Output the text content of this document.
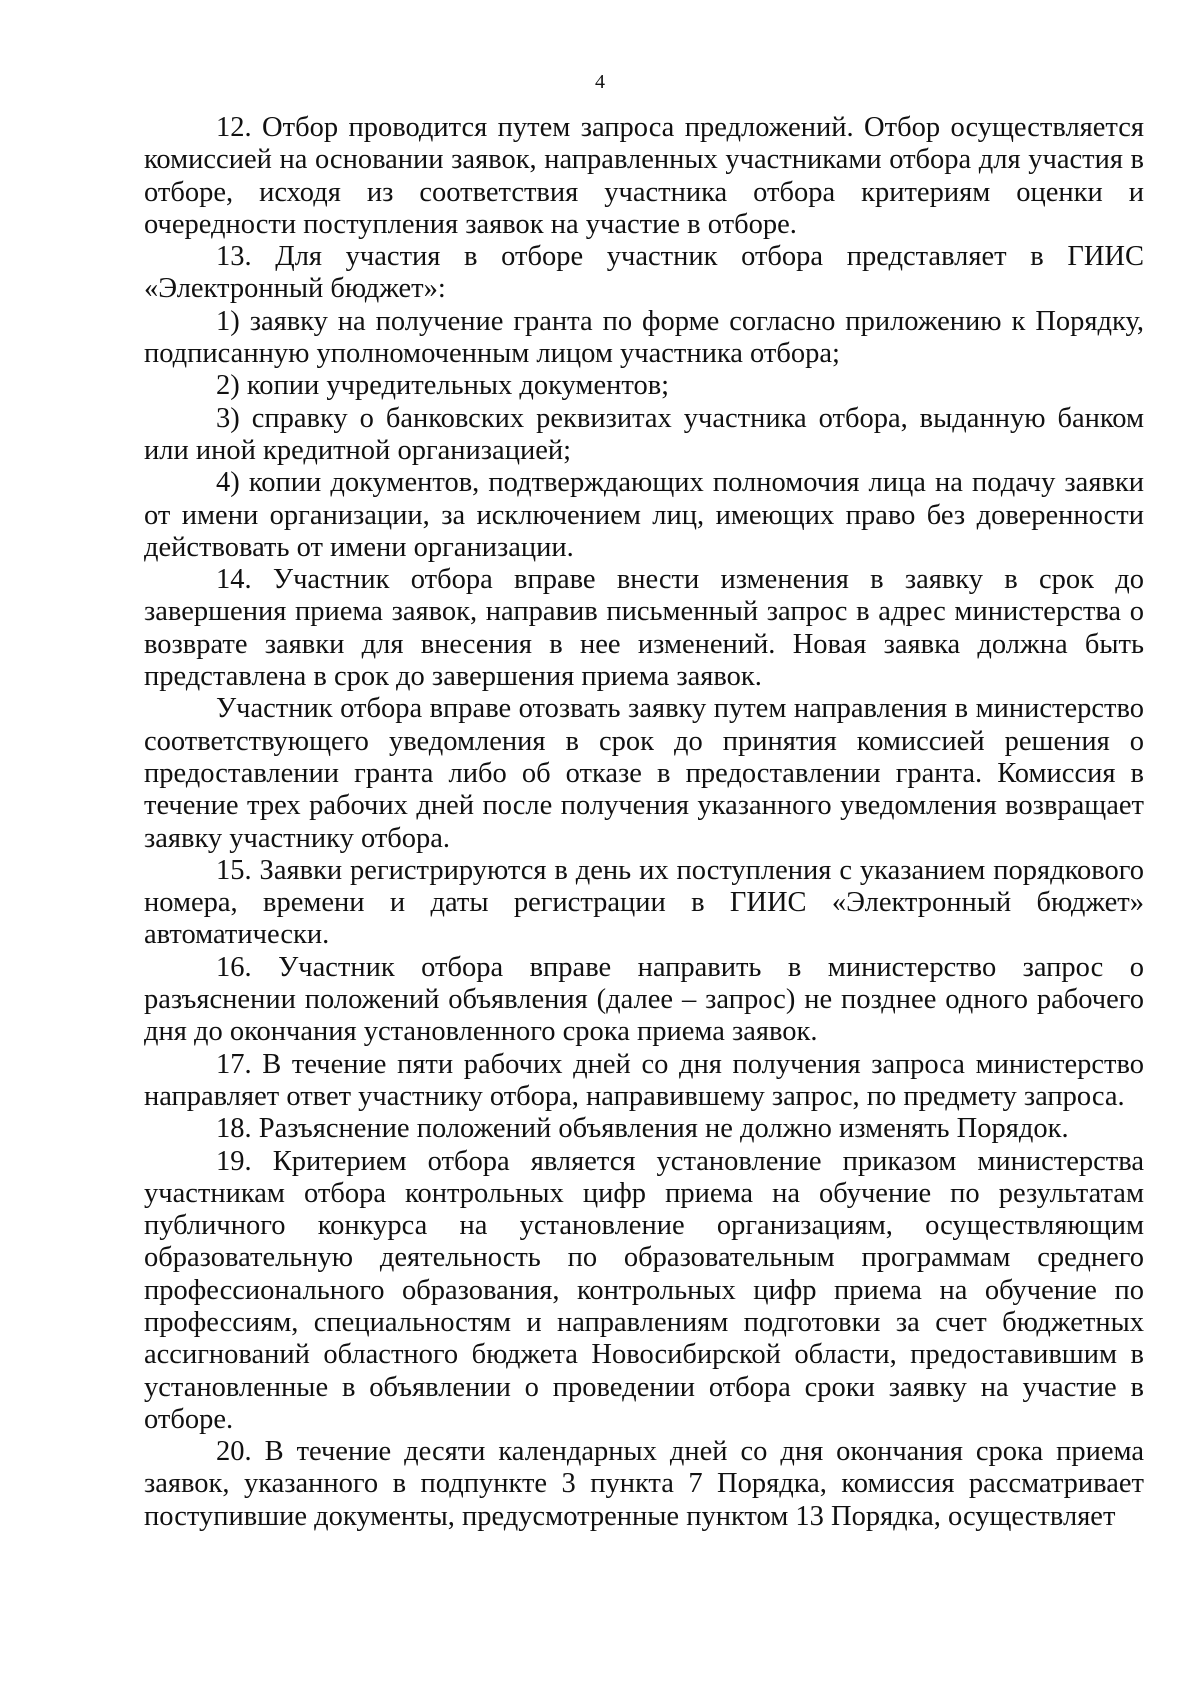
4

12. Отбор проводится путем запроса предложений. Отбор осуществляется комиссией на основании заявок, направленных участниками отбора для участия в отборе, исходя из соответствия участника отбора критериям оценки и очередности поступления заявок на участие в отборе.

13. Для участия в отборе участник отбора представляет в ГИИС «Электронный бюджет»:

1) заявку на получение гранта по форме согласно приложению к Порядку, подписанную уполномоченным лицом участника отбора;

2) копии учредительных документов;

3) справку о банковских реквизитах участника отбора, выданную банком или иной кредитной организацией;

4) копии документов, подтверждающих полномочия лица на подачу заявки от имени организации, за исключением лиц, имеющих право без доверенности действовать от имени организации.

14. Участник отбора вправе внести изменения в заявку в срок до завершения приема заявок, направив письменный запрос в адрес министерства о возврате заявки для внесения в нее изменений. Новая заявка должна быть представлена в срок до завершения приема заявок.

Участник отбора вправе отозвать заявку путем направления в министерство соответствующего уведомления в срок до принятия комиссией решения о предоставлении гранта либо об отказе в предоставлении гранта. Комиссия в течение трех рабочих дней после получения указанного уведомления возвращает заявку участнику отбора.

15. Заявки регистрируются в день их поступления с указанием порядкового номера, времени и даты регистрации в ГИИС «Электронный бюджет» автоматически.

16. Участник отбора вправе направить в министерство запрос о разъяснении положений объявления (далее – запрос) не позднее одного рабочего дня до окончания установленного срока приема заявок.

17. В течение пяти рабочих дней со дня получения запроса министерство направляет ответ участнику отбора, направившему запрос, по предмету запроса.

18. Разъяснение положений объявления не должно изменять Порядок.

19. Критерием отбора является установление приказом министерства участникам отбора контрольных цифр приема на обучение по результатам публичного конкурса на установление организациям, осуществляющим образовательную деятельность по образовательным программам среднего профессионального образования, контрольных цифр приема на обучение по профессиям, специальностям и направлениям подготовки за счет бюджетных ассигнований областного бюджета Новосибирской области, предоставившим в установленные в объявлении о проведении отбора сроки заявку на участие в отборе.

20. В течение десяти календарных дней со дня окончания срока приема заявок, указанного в подпункте 3 пункта 7 Порядка, комиссия рассматривает поступившие документы, предусмотренные пунктом 13 Порядка, осуществляет
